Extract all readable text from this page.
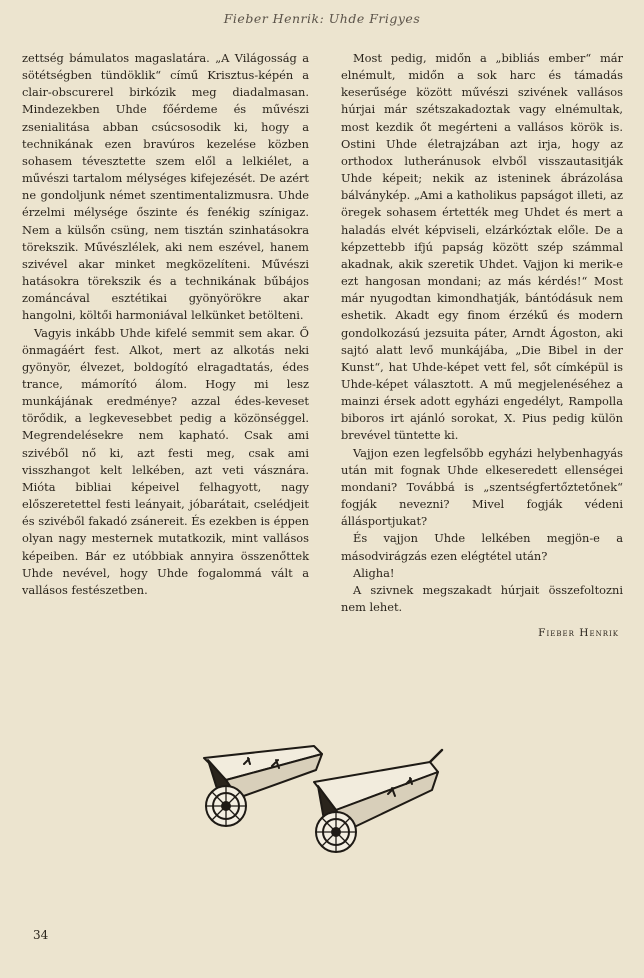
Fieber Henrik: Uhde Frigyes

zettség bámulatos magaslatára. „A Világosság a sötétségben tündöklik“ című Krisztus-képén a clair-obscurerel birkózik meg diadalmasan. Mindezekben Uhde főérdeme és művészi zsenialitása abban csúcsosodik ki, hogy a technikának ezen bravúros kezelése közben sohasem tévesztette szem elől a lelkiélet, a művészi tartalom mélységes kifejezését. De azért ne gondoljunk német szentimentalizmusra. Uhde érzelmi mélysége őszinte és fenékig színigaz. Nem a külsőn csüng, nem tisztán szinhatásokra törekszik. Művészlélek, aki nem eszével, hanem szivével akar minket megközelíteni. Művészi hatásokra törekszik és a technikának bűbájos zománcával esztétikai gyönyörökre akar hangolni, költői harmoniával lelkünket betölteni.

Vagyis inkább Uhde kifelé semmit sem akar. Ő önmagáért fest. Alkot, mert az alkotás neki gyönyör, élvezet, boldogító elragadtatás, édes trance, mámorító álom. Hogy mi lesz munkájának eredménye? azzal édes-keveset törődik, a legkevesebbet pedig a közönséggel. Megrendelésekre nem kapható. Csak ami szivéből nő ki, azt festi meg, csak ami visszhangot kelt lelkében, azt veti vásznára. Mióta bibliai képeivel felhagyott, nagy előszeretettel festi leányait, jóbarátait, cselédjeit és szivéből fakadó zsánereit. És ezekben is éppen olyan nagy mesternek mutatkozik, mint vallásos képeiben. Bár ez utóbbiak annyira összenőttek Uhde nevével, hogy Uhde fogalommá vált a vallásos festészetben.

Most pedig, midőn a „bibliás ember“ már elnémult, midőn a sok harc és támadás keserűsége között művészi szivének vallásos húrjai már szétszakadoztak vagy elnémultak, most kezdik őt megérteni a vallásos körök is. Ostini Uhde életrajzában azt irja, hogy az orthodox lutheránusok elvből visszautasitják Uhde képeit; nekik az isteninek ábrázolása bálványkép. „Ami a katholikus papságot illeti, az öregek sohasem értették meg Uhdet és mert a haladás elvét képviseli, elzárkóztak előle. De a képzettebb ifjú papság között szép számmal akadnak, akik szeretik Uhdet. Vajjon ki merik-e ezt hangosan mondani; az más kérdés!“ Most már nyugodtan kimondhatják, bántódásuk nem eshetik. Akadt egy finom érzékű és modern gondolkozású jezsuita páter, Arndt Ágoston, aki sajtó alatt levő munkájába, „Die Bibel in der Kunst“, hat Uhde-képet vett fel, sőt címképül is Uhde-képet választott. A mű megjelenéséhez a mainzi érsek adott egyházi engedélyt, Rampolla biboros irt ajánló sorokat, X. Pius pedig külön brevével tüntette ki.

Vajjon ezen legfelsőbb egyházi helybenhagyás után mit fognak Uhde elkeseredett ellenségei mondani? Továbbá is „szentségfertőztetőnek“ fogják nevezni? Mivel fogják védeni állásportjukat?

És vajjon Uhde lelkében megjön-e a másodvirágzás ezen elégtétel után?

Aligha!

A szivnek megszakadt húrjait összefoltozni nem lehet.

Fieber Henrik

34
